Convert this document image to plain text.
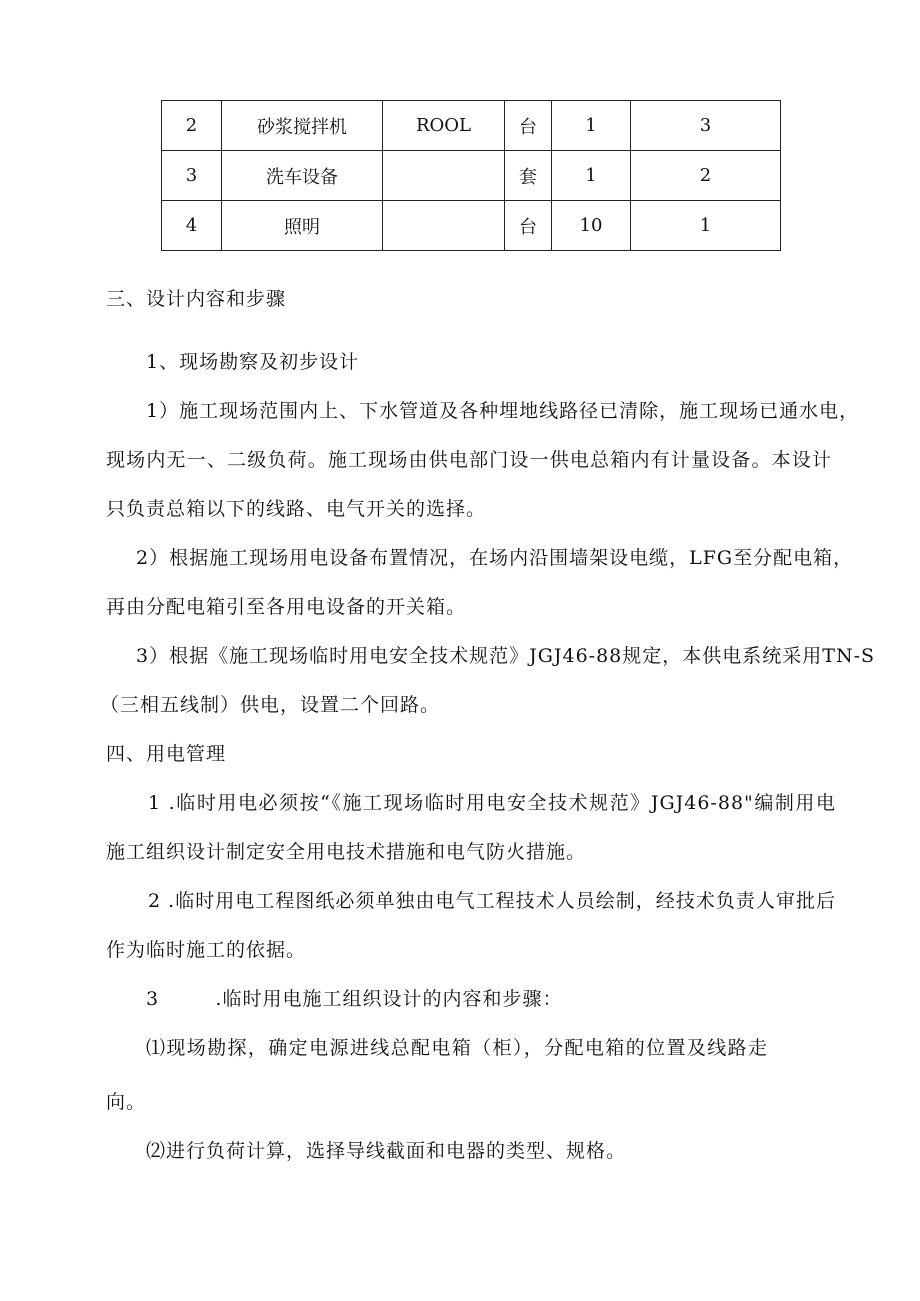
2	砂浆搅拌机	ROOL	台	1	3
3	洗车设备		套	1	2
4	照明		台	10	1
三、设计内容和步骤
1、现场勘察及初步设计
1）施工现场范围内上、下水管道及各种埋地线路径已清除，施工现场已通水电，
现场内无一、二级负荷。施工现场由供电部门设一供电总箱内有计量设备。本设计
只负责总箱以下的线路、电气开关的选择。
2）根据施工现场用电设备布置情况，在场内沿围墙架设电缆，LFG至分配电箱，
再由分配电箱引至各用电设备的开关箱。
3）根据《施工现场临时用电安全技术规范》JGJ46-88规定，本供电系统采用TN-S
（三相五线制）供电，设置二个回路。
四、用电管理
1 .临时用电必须按“《施工现场临时用电安全技术规范》JGJ46-88"编制用电
施工组织设计制定安全用电技术措施和电气防火措施。
2 .临时用电工程图纸必须单独由电气工程技术人员绘制，经技术负责人审批后
作为临时施工的依据。
3        .临时用电施工组织设计的内容和步骤：
⑴现场勘探，确定电源进线总配电箱（柜），分配电箱的位置及线路走
向。
⑵进行负荷计算，选择导线截面和电器的类型、规格。
